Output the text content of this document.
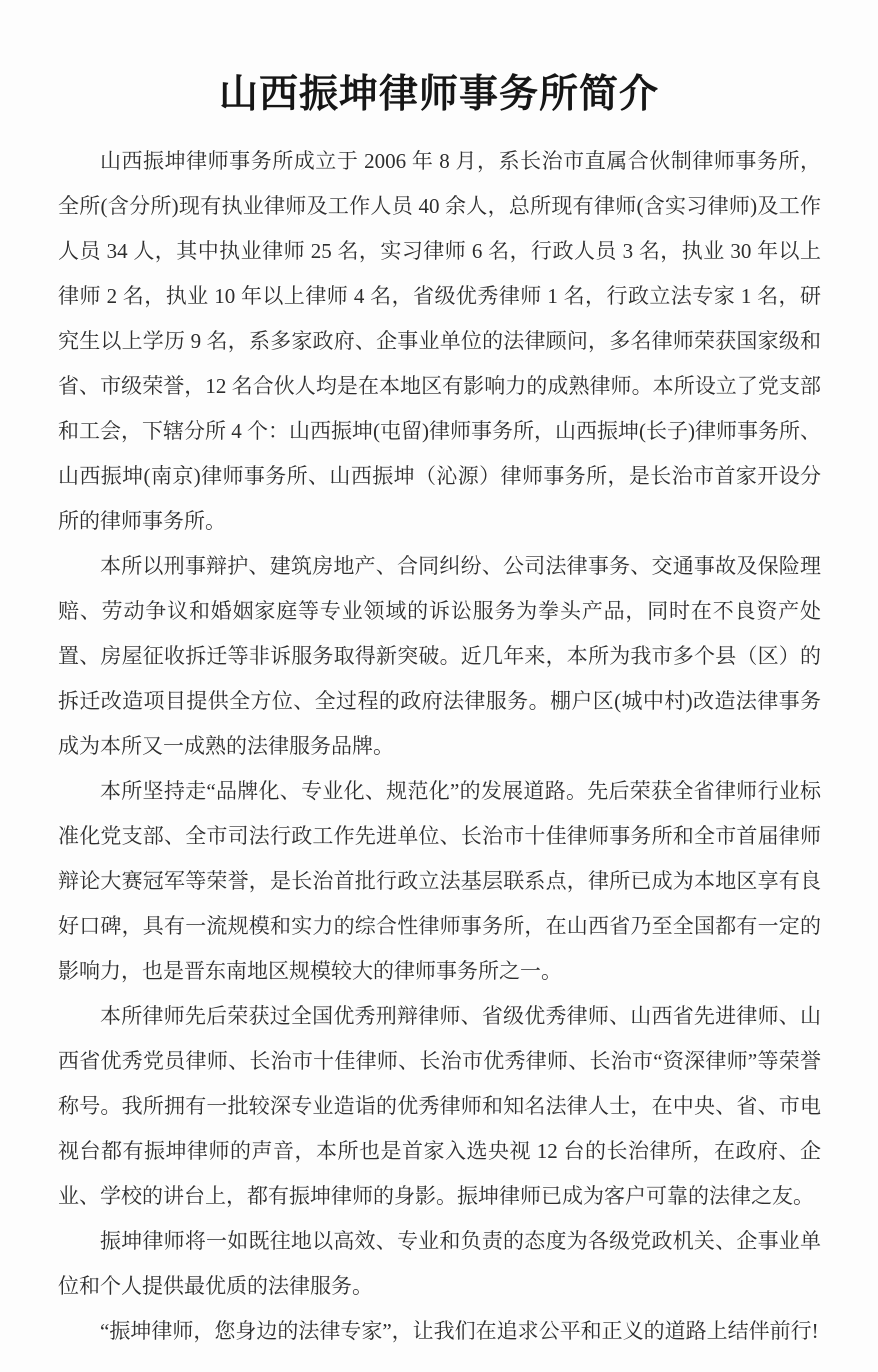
山西振坤律师事务所简介

山西振坤律师事务所成立于 2006 年 8 月，系长治市直属合伙制律师事务所，全所(含分所)现有执业律师及工作人员 40 余人，总所现有律师(含实习律师)及工作人员 34 人，其中执业律师 25 名，实习律师 6 名，行政人员 3 名，执业 30 年以上律师 2 名，执业 10 年以上律师 4 名，省级优秀律师 1 名，行政立法专家 1 名，研究生以上学历 9 名，系多家政府、企事业单位的法律顾问，多名律师荣获国家级和省、市级荣誉，12 名合伙人均是在本地区有影响力的成熟律师。本所设立了党支部和工会，下辖分所 4 个：山西振坤(屯留)律师事务所，山西振坤(长子)律师事务所、山西振坤(南京)律师事务所、山西振坤（沁源）律师事务所，是长治市首家开设分所的律师事务所。

本所以刑事辩护、建筑房地产、合同纠纷、公司法律事务、交通事故及保险理赔、劳动争议和婚姻家庭等专业领域的诉讼服务为拳头产品，同时在不良资产处置、房屋征收拆迁等非诉服务取得新突破。近几年来，本所为我市多个县（区）的拆迁改造项目提供全方位、全过程的政府法律服务。棚户区(城中村)改造法律事务成为本所又一成熟的法律服务品牌。

本所坚持走“品牌化、专业化、规范化”的发展道路。先后荣获全省律师行业标准化党支部、全市司法行政工作先进单位、长治市十佳律师事务所和全市首届律师辩论大赛冠军等荣誉，是长治首批行政立法基层联系点，律所已成为本地区享有良好口碑，具有一流规模和实力的综合性律师事务所，在山西省乃至全国都有一定的影响力，也是晋东南地区规模较大的律师事务所之一。

本所律师先后荣获过全国优秀刑辩律师、省级优秀律师、山西省先进律师、山西省优秀党员律师、长治市十佳律师、长治市优秀律师、长治市“资深律师”等荣誉称号。我所拥有一批较深专业造诣的优秀律师和知名法律人士，在中央、省、市电视台都有振坤律师的声音，本所也是首家入选央视 12 台的长治律所，在政府、企业、学校的讲台上，都有振坤律师的身影。振坤律师已成为客户可靠的法律之友。

振坤律师将一如既往地以高效、专业和负责的态度为各级党政机关、企事业单位和个人提供最优质的法律服务。

“振坤律师，您身边的法律专家”，让我们在追求公平和正义的道路上结伴前行!
